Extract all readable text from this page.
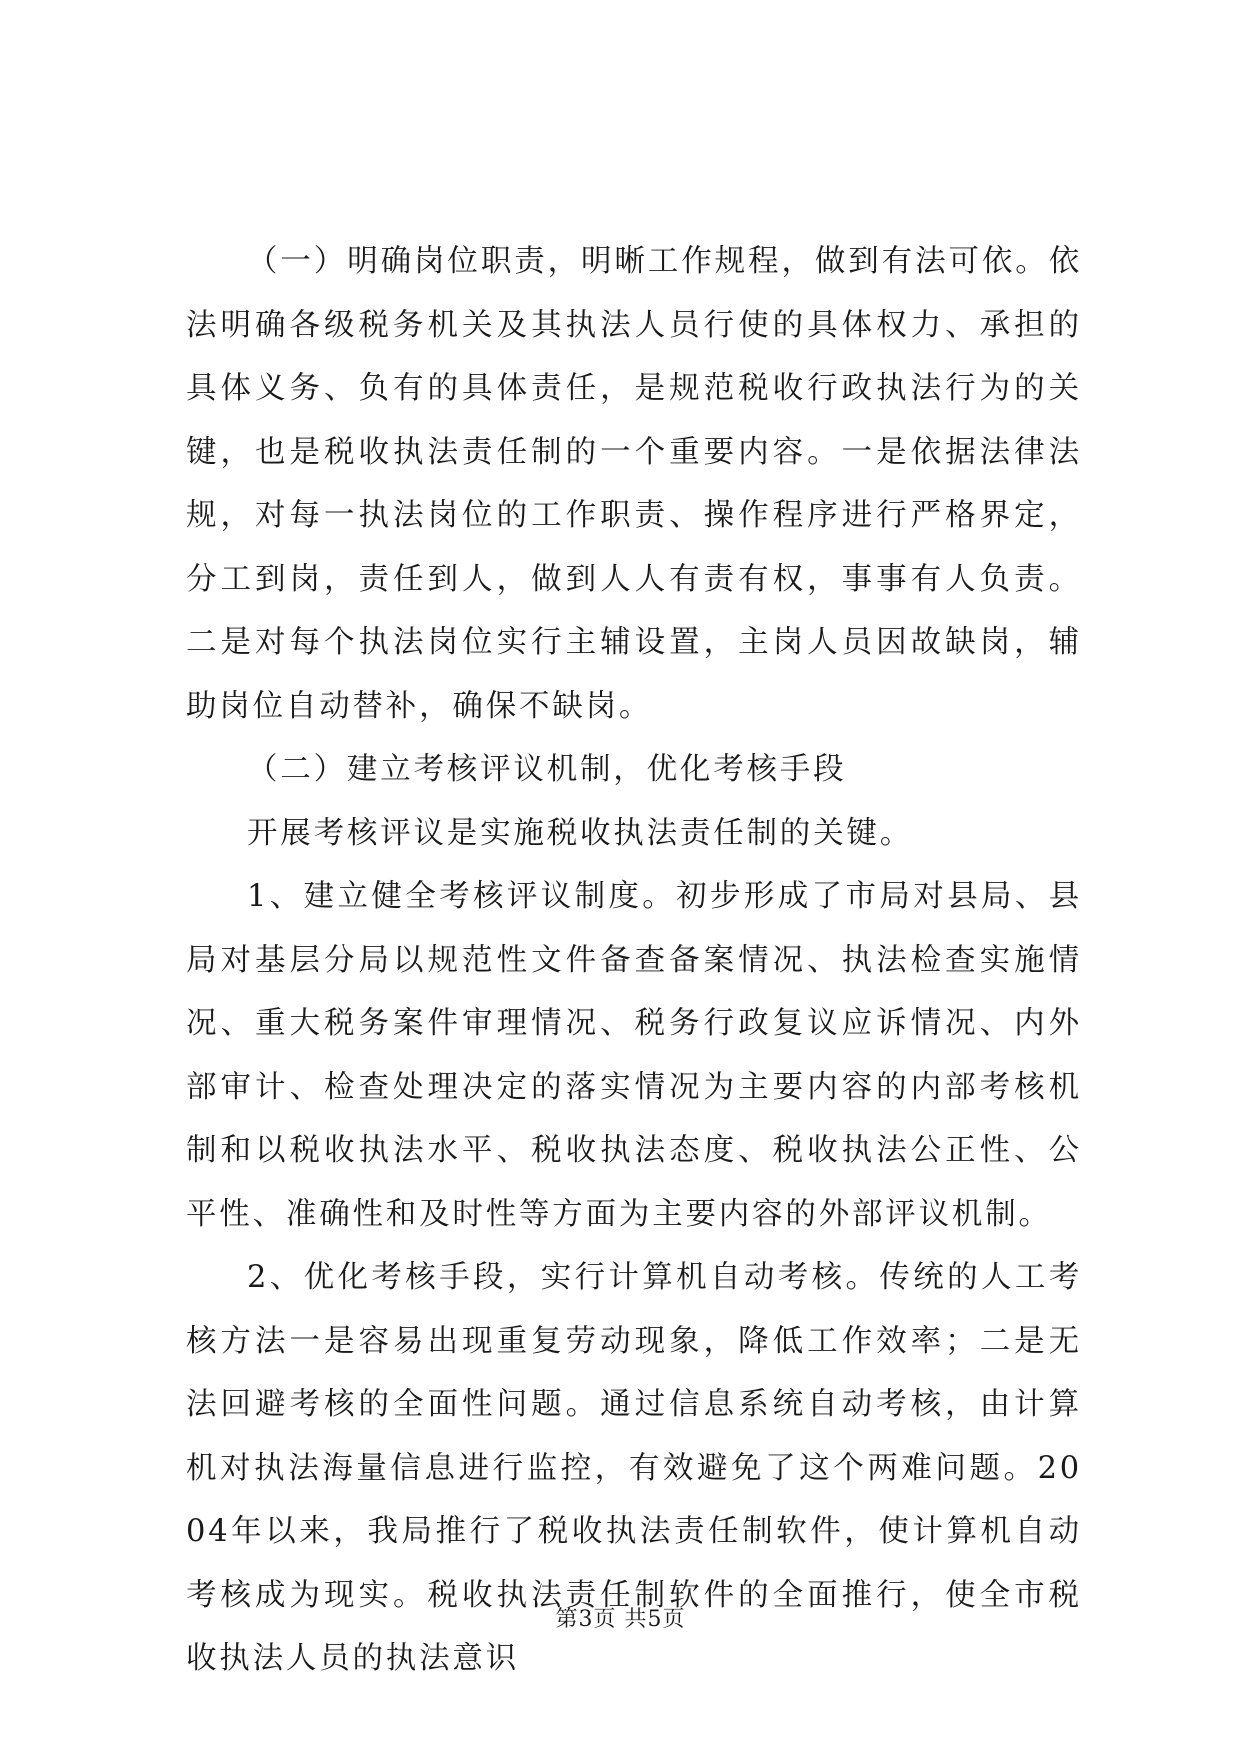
（一）明确岗位职责，明晰工作规程，做到有法可依。依法明确各级税务机关及其执法人员行使的具体权力、承担的具体义务、负有的具体责任，是规范税收行政执法行为的关键，也是税收执法责任制的一个重要内容。一是依据法律法规，对每一执法岗位的工作职责、操作程序进行严格界定，分工到岗，责任到人，做到人人有责有权，事事有人负责。二是对每个执法岗位实行主辅设置，主岗人员因故缺岗，辅助岗位自动替补，确保不缺岗。

（二）建立考核评议机制，优化考核手段

开展考核评议是实施税收执法责任制的关键。

1、建立健全考核评议制度。初步形成了市局对县局、县局对基层分局以规范性文件备查备案情况、执法检查实施情况、重大税务案件审理情况、税务行政复议应诉情况、内外部审计、检查处理决定的落实情况为主要内容的内部考核机制和以税收执法水平、税收执法态度、税收执法公正性、公平性、准确性和及时性等方面为主要内容的外部评议机制。

2、优化考核手段，实行计算机自动考核。传统的人工考核方法一是容易出现重复劳动现象，降低工作效率；二是无法回避考核的全面性问题。通过信息系统自动考核，由计算机对执法海量信息进行监控，有效避免了这个两难问题。2004年以来，我局推行了税收执法责任制软件，使计算机自动考核成为现实。税收执法责任制软件的全面推行，使全市税收执法人员的执法意识

第3页 共5页
